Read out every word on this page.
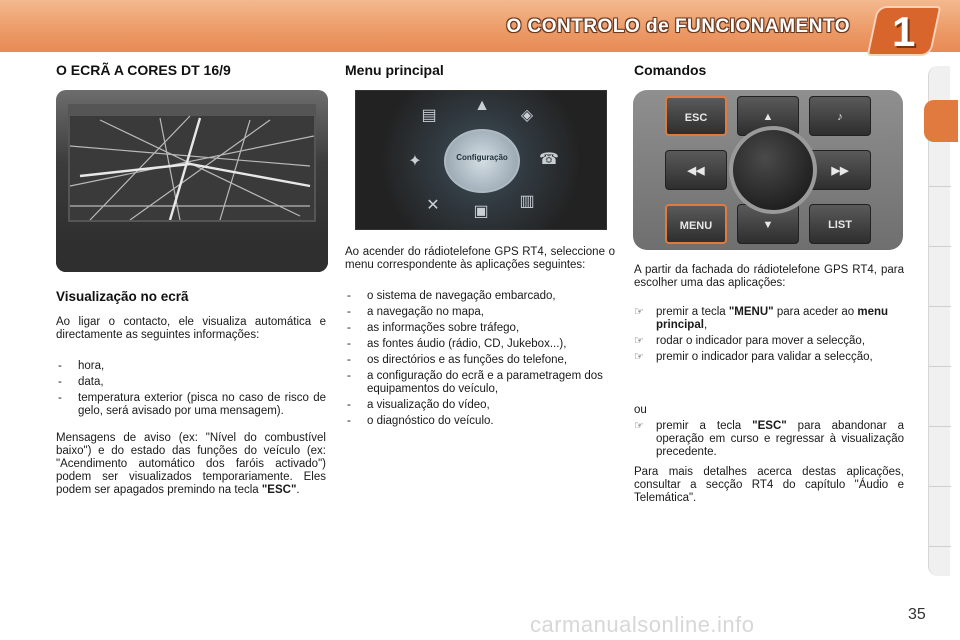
O CONTROLO de FUNCIONAMENTO 1
O ECRÃ A CORES DT 16/9
Visualização no ecrã
Ao ligar o contacto, ele visualiza automática e directamente as seguintes informações:
- hora,
- data,
- temperatura exterior (pisca no caso de risco de gelo, será avisado por uma mensagem).
Mensagens de aviso (ex: "Nível do combustível baixo") e do estado das funções do veículo (ex: "Acendimento automático dos faróis activado") podem ser visualizados temporariamente. Eles podem ser apagados premindo na tecla "ESC".
Menu principal
Configuração
▲
◈
▤
✦	☎
✕ ▣
▥
Ao acender do rádiotelefone GPS RT4, seleccione o menu correspondente às aplicações seguintes:
- o sistema de navegação embarcado,
- a navegação no mapa,
- as informações sobre tráfego,
- as fontes áudio (rádio, CD, Jukebox...),
- os directórios e as funções do telefone,
- a configuração do ecrã e a parametragem dos equipamentos do veículo,
- a visualização do vídeo,
- o diagnóstico do veículo.
Comandos
ESC	▲	♪
◀◀	▶▶
MENU	▼	LIST
A partir da fachada do rádiotelefone GPS RT4, para escolher uma das aplicações:
☞ premir a tecla "MENU" para aceder ao menu principal,
☞ rodar o indicador para mover a selecção,
☞ premir o indicador para validar a selecção,
ou
☞ premir a tecla "ESC" para abandonar a operação em curso e regressar à visualização precedente.
Para mais detalhes acerca destas aplicações, consultar a secção RT4 do capítulo "Áudio e Telemática".
carmanualsonline.info	35
